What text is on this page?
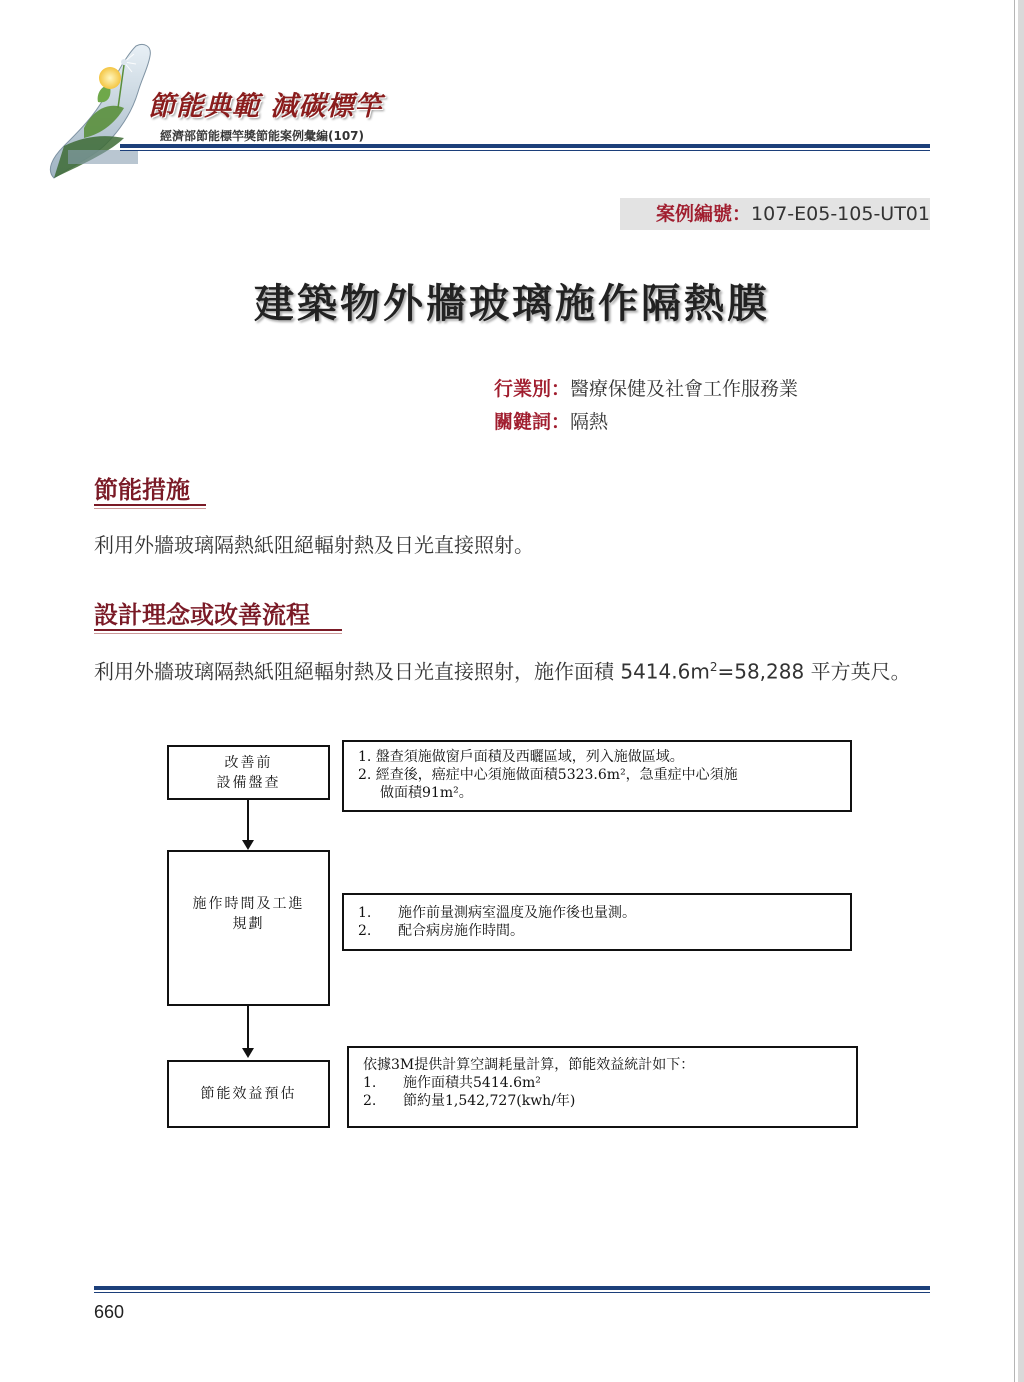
節能典範 減碳標竿
經濟部節能標竿獎節能案例彙編(107)
案例編號：107-E05-105-UT01
建築物外牆玻璃施作隔熱膜
行業別：醫療保健及社會工作服務業
關鍵詞：隔熱
節能措施
利用外牆玻璃隔熱紙阻絕輻射熱及日光直接照射。
設計理念或改善流程
利用外牆玻璃隔熱紙阻絕輻射熱及日光直接照射，施作面積 $5414.6m^2=58,288$ 平方英尺。
改善前
設備盤查
1. 盤查須施做窗戶面積及西曬區域，列入施做區域。
2. 經查後，癌症中心須施做面積5323.6m²，急重症中心須施
做面積91m²。
施作時間及工進
規劃
1.	施作前量測病室溫度及施作後也量測。
2.	配合病房施作時間。
節能效益預估
依據3M提供計算空調耗量計算，節能效益統計如下：
1.	施作面積共5414.6m²
2.	節約量1,542,727(kwh/年)
660
